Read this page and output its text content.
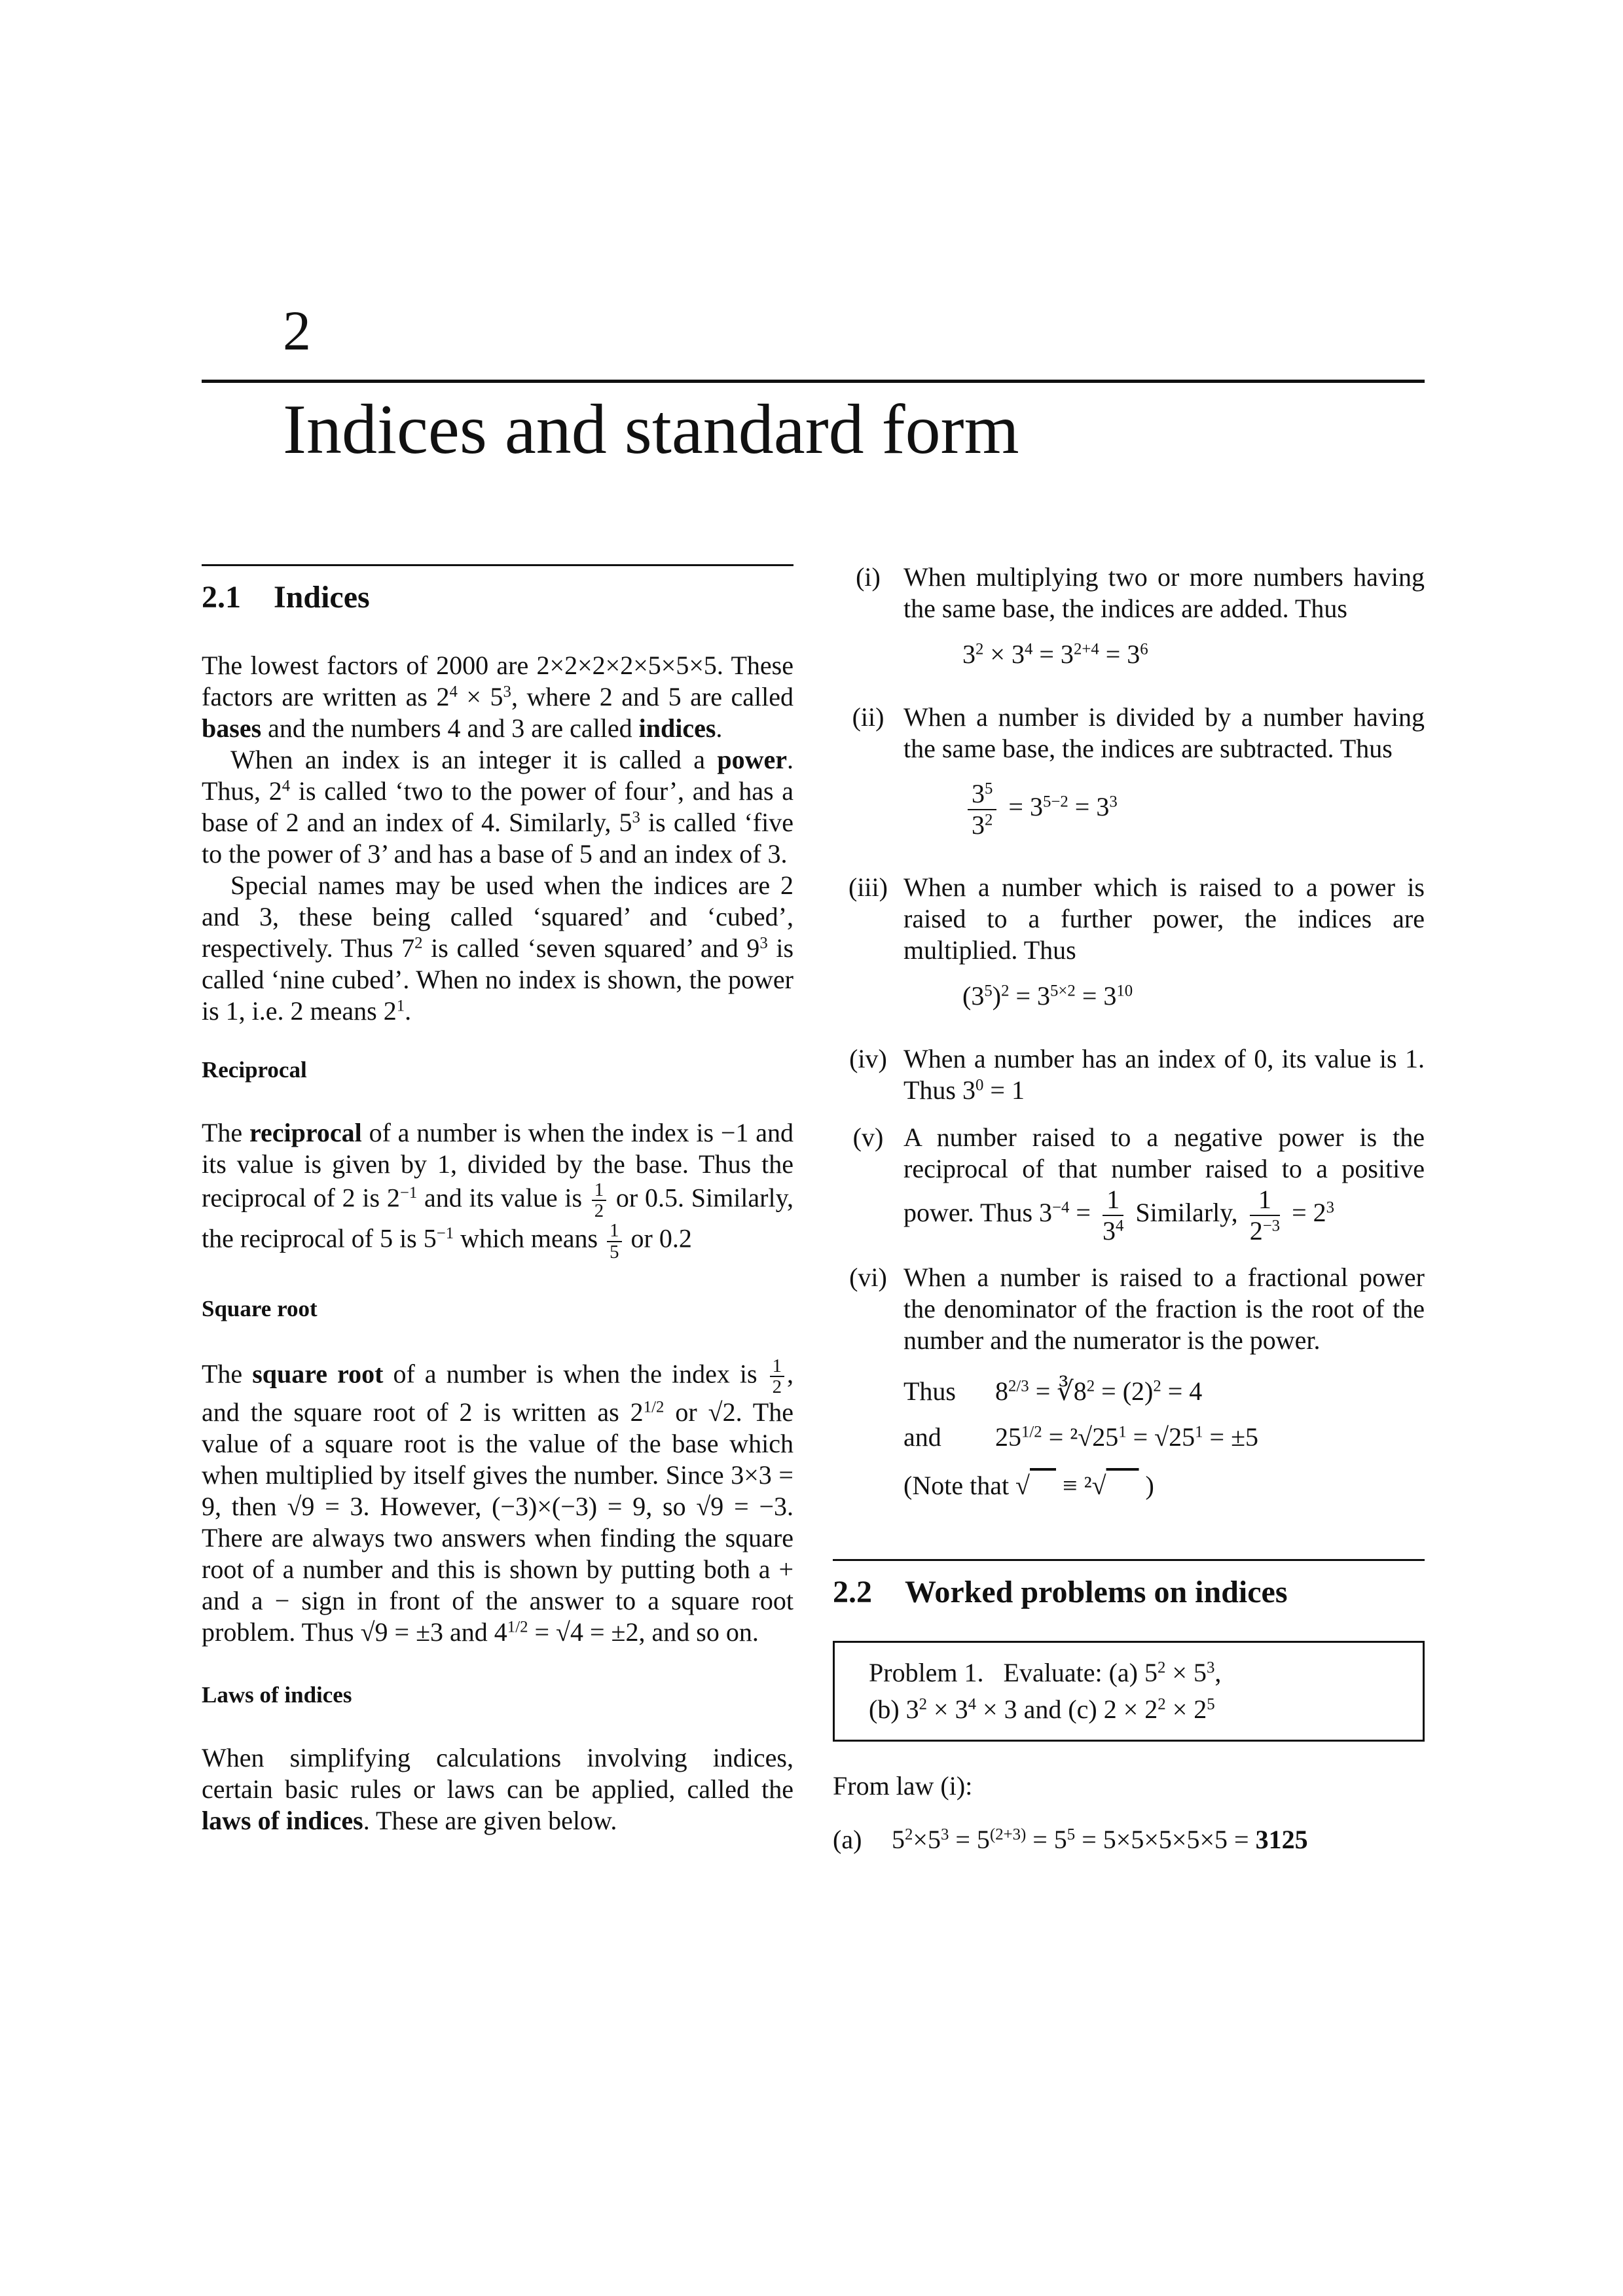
2
Indices and standard form
2.1 Indices

The lowest factors of 2000 are 2×2×2×2×5×5×5. These factors are written as $2^4 \times 5^3$, where 2 and 5 are called bases and the numbers 4 and 3 are called indices.

When an index is an integer it is called a power. Thus, $2^4$ is called ‘two to the power of four’, and has a base of 2 and an index of 4. Similarly, $5^3$ is called ‘five to the power of 3’ and has a base of 5 and an index of 3.

Special names may be used when the indices are 2 and 3, these being called ‘squared’ and ‘cubed’, respectively. Thus $7^2$ is called ‘seven squared’ and $9^3$ is called ‘nine cubed’. When no index is shown, the power is 1, i.e. 2 means $2^1$.

Reciprocal

The reciprocal of a number is when the index is −1 and its value is given by 1, divided by the base. Thus the reciprocal of 2 is $2^{-1}$ and its value is $\frac{1}{2}$ or 0.5. Similarly, the reciprocal of 5 is $5^{-1}$ which means $\frac{1}{5}$ or 0.2

Square root

The square root of a number is when the index is $\frac{1}{2}$ , and the square root of 2 is written as $2^{1/2}$ or √2. The value of a square root is the value of the base which when multiplied by itself gives the number. Since 3×3 = 9, then √9 = 3. However, (−3)×(−3) = 9, so √9 = −3. There are always two answers when finding the square root of a number and this is shown by putting both a + and a − sign in front of the answer to a square root problem. Thus √9 = ±3 and $4^{1/2} = √4 = \pm 2$, and so on.

Laws of indices

When simplifying calculations involving indices, certain basic rules or laws can be applied, called the laws of indices. These are given below.

(i) When multiplying two or more numbers having the same base, the indices are added. Thus
$3^2 \times 3^4 = 3^{2+4} = 3^6$
(ii) When a number is divided by a number having the same base, the indices are subtracted. Thus
$\frac{3^5}{3^2} = 3^{5-2} = 3^3$
(iii) When a number which is raised to a power is raised to a further power, the indices are multiplied. Thus
$(3^5)^2 = 3^{5\times 2} = 3^{10}$
(iv) When a number has an index of 0, its value is 1. Thus $3^0 = 1$
(v) A number raised to a negative power is the reciprocal of that number raised to a positive power. Thus $3^{-4} = \frac{1}{3^4}$ Similarly, $\frac{1}{2^{-3}} = 2^3$
(vi) When a number is raised to a fractional power the denominator of the fraction is the root of the number and the numerator is the power.
Thus	$8^{2/3}$ = $∛8^2 = (2)^2 = 4$
and	$25^{1/2} = ^2√25^1 = √25^1 = \pm 5$
(Note that √     ≡ ²√      )
2.2 Worked problems on indices
Problem 1. Evaluate: (a) $5^2 \times 5^3$,
(b) $3^2 \times 3^4 \times 3$ and (c) $2 \times 2^2 \times 2^5$
From law (i):
(a)	$5^2\times 5^3 = 5^{(2+3)} = 5^5 = 5\times 5\times 5\times 5\times 5 = 3125$
